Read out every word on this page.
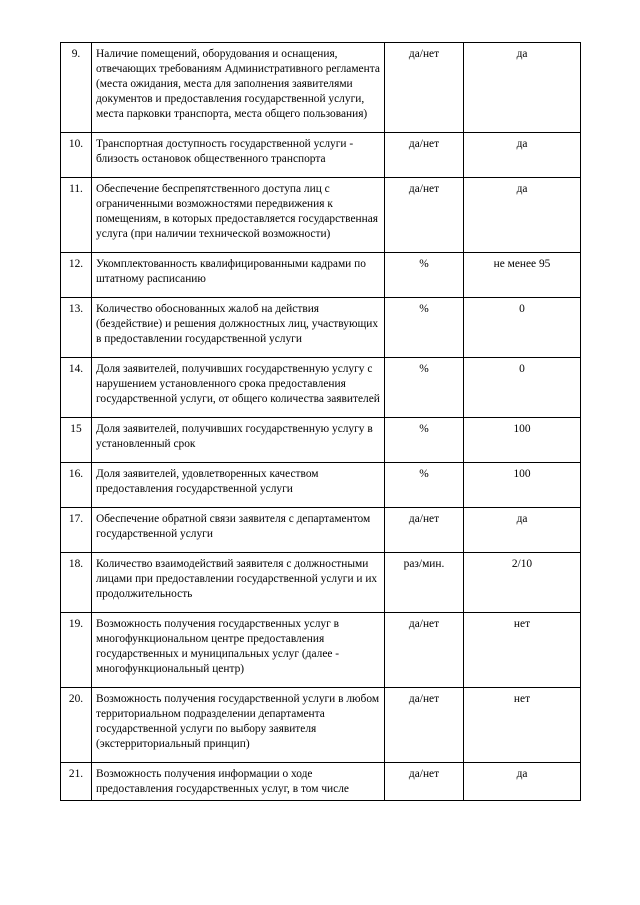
9.	Наличие помещений, оборудования и оснащения, отвечающих требованиям Административного регламента (места ожидания, места для заполнения заявителями документов и предоставления государственной услуги, места парковки транспорта, места общего пользования)	да/нет	да
10.	Транспортная доступность государственной услуги - близость остановок общественного транспорта	да/нет	да
11.	Обеспечение беспрепятственного доступа лиц с ограниченными возможностями передвижения к помещениям, в которых предоставляется государственная услуга (при наличии технической возможности)	да/нет	да
12.	Укомплектованность квалифицированными кадрами по штатному расписанию	%	не менее 95
13.	Количество обоснованных жалоб на действия (бездействие) и решения должностных лиц, участвующих в предоставлении государственной услуги	%	0
14.	Доля заявителей, получивших государственную услугу с нарушением установленного срока предоставления государственной услуги, от общего количества заявителей	%	0
15	Доля заявителей, получивших государственную услугу в установленный срок	%	100
16.	Доля заявителей, удовлетворенных качеством предоставления государственной услуги	%	100
17.	Обеспечение обратной связи заявителя с департаментом государственной услуги	да/нет	да
18.	Количество взаимодействий заявителя с должностными лицами при предоставлении государственной услуги и их продолжительность	раз/мин.	2/10
19.	Возможность получения государственных услуг в многофункциональном центре предоставления государственных и муниципальных услуг (далее - многофункциональный центр)	да/нет	нет
20.	Возможность получения государственной услуги в любом территориальном подразделении департамента государственной услуги по выбору заявителя (экстерриториальный принцип)	да/нет	нет
21.	Возможность получения информации о ходе предоставления государственных услуг, в том числе	да/нет	да
